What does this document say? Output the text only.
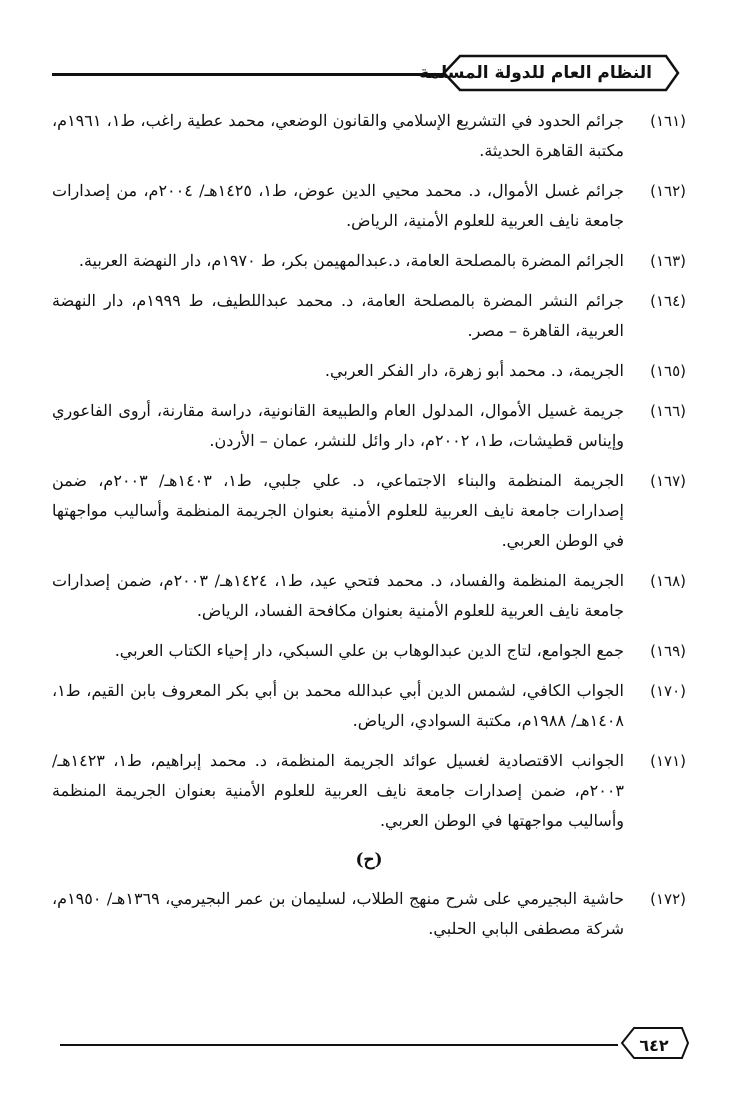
النظام العام للدولة المسلمة
(١٦١)
جرائم الحدود في التشريع الإسلامي والقانون الوضعي، محمد عطية راغب، ط١، ١٩٦١م، مكتبة القاهرة الحديثة.
(١٦٢)
جرائم غسل الأموال، د. محمد محيي الدين عوض، ط١، ١٤٢٥هـ/ ٢٠٠٤م، من إصدارات جامعة نايف العربية للعلوم الأمنية، الرياض.
(١٦٣)
الجرائم المضرة بالمصلحة العامة، د.عبدالمهيمن بكر، ط ١٩٧٠م، دار النهضة العربية.
(١٦٤)
جرائم النشر المضرة بالمصلحة العامة، د. محمد عبداللطيف، ط ١٩٩٩م، دار النهضة العربية، القاهرة – مصر.
(١٦٥)
الجريمة، د. محمد أبو زهرة، دار الفكر العربي.
(١٦٦)
جريمة غسيل الأموال، المدلول العام والطبيعة القانونية، دراسة مقارنة، أروى الفاعوري وإيناس قطيشات، ط١، ٢٠٠٢م، دار وائل للنشر، عمان – الأردن.
(١٦٧)
الجريمة المنظمة والبناء الاجتماعي، د. علي جلبي، ط١، ١٤٠٣هـ/ ٢٠٠٣م، ضمن إصدارات جامعة نايف العربية للعلوم الأمنية بعنوان الجريمة المنظمة وأساليب مواجهتها في الوطن العربي.
(١٦٨)
الجريمة المنظمة والفساد، د. محمد فتحي عيد، ط١، ١٤٢٤هـ/ ٢٠٠٣م، ضمن إصدارات جامعة نايف العربية للعلوم الأمنية بعنوان مكافحة الفساد، الرياض.
(١٦٩)
جمع الجوامع، لتاج الدين عبدالوهاب بن علي السبكي، دار إحياء الكتاب العربي.
(١٧٠)
الجواب الكافي، لشمس الدين أبي عبدالله محمد بن أبي بكر المعروف بابن القيم، ط١، ١٤٠٨هـ/ ١٩٨٨م، مكتبة السوادي، الرياض.
(١٧١)
الجوانب الاقتصادية لغسيل عوائد الجريمة المنظمة، د. محمد إبراهيم، ط١، ١٤٢٣هـ/ ٢٠٠٣م، ضمن إصدارات جامعة نايف العربية للعلوم الأمنية بعنوان الجريمة المنظمة وأساليب مواجهتها في الوطن العربي.
(ح)
(١٧٢)
حاشية البجيرمي على شرح منهج الطلاب، لسليمان بن عمر البجيرمي، ١٣٦٩هـ/ ١٩٥٠م، شركة مصطفى البابي الحلبي.
٦٤٢
